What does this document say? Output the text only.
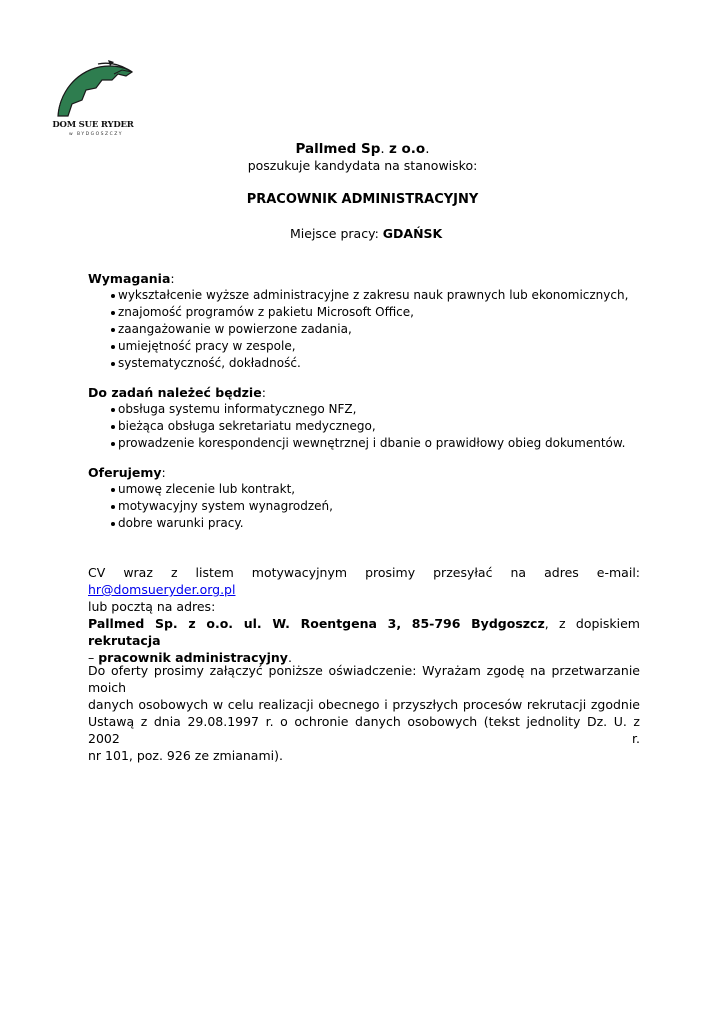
DOM SUE RYDER
w BYDGOSZCZY
Pallmed Sp. z o.o.
poszukuje kandydata na stanowisko:
PRACOWNIK ADMINISTRACYJNY
Miejsce pracy: GDAŃSK
Wymagania:
wykształcenie wyższe administracyjne z zakresu nauk prawnych lub ekonomicznych,
znajomość programów z pakietu Microsoft Office,
zaangażowanie w powierzone zadania,
umiejętność pracy w zespole,
systematyczność, dokładność.
Do zadań należeć będzie:
obsługa systemu informatycznego NFZ,
bieżąca obsługa sekretariatu medycznego,
prowadzenie korespondencji wewnętrznej i dbanie o prawidłowy obieg dokumentów.
Oferujemy:
umowę zlecenie lub kontrakt,
motywacyjny system wynagrodzeń,
dobre warunki pracy.
CV wraz z listem motywacyjnym prosimy przesyłać na adres e-mail: hr@domsueryder.org.pl
lub pocztą na adres:
Pallmed Sp. z o.o. ul. W. Roentgena 3, 85-796 Bydgoszcz, z dopiskiem rekrutacja
– pracownik administracyjny.
Do oferty prosimy załączyć poniższe oświadczenie: Wyrażam zgodę na przetwarzanie moich
danych osobowych w celu realizacji obecnego i przyszłych procesów rekrutacji zgodnie
Ustawą z dnia 29.08.1997 r. o ochronie danych osobowych (tekst jednolity Dz. U. z 2002 r.
nr 101, poz. 926 ze zmianami).
